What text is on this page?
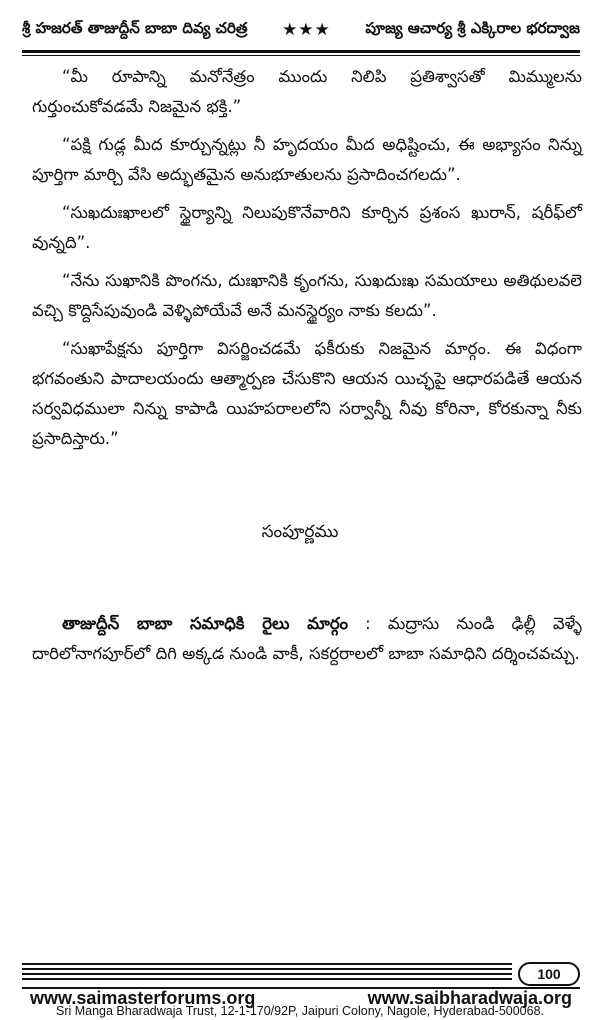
శ్రీ హజరత్ తాజుద్దీన్ బాబా దివ్య చరిత్ర ★★★ పూజ్య ఆచార్య శ్రీ ఎక్కిరాల భరద్వాజ

“మీ రూపాన్ని మనోనేత్రం ముందు నిలిపి ప్రతిశ్వాసతో మిమ్ములను గుర్తుంచుకోవడమే నిజమైన భక్తి.”

“పక్షి గుడ్ల మీద కూర్చున్నట్లు నీ హృదయం మీద అధిష్టించు, ఈ అభ్యాసం నిన్ను పూర్తిగా మార్చి వేసి అద్భుతమైన అనుభూతులను ప్రసాదించగలదు”.

“సుఖదుఃఖాలలో స్థైర్యాన్ని నిలుపుకొనేవారిని కూర్చిన ప్రశంస ఖురాన్, షరీఫ్‌లో వున్నది”.

“నేను సుఖానికి పొంగను, దుఃఖానికి కృంగను, సుఖదుఃఖ సమయాలు అతిథులవలె వచ్చి కొద్దిసేపువుండి వెళ్ళిపోయేవే అనే మనస్థైర్యం నాకు కలదు”.

“సుఖాపేక్షను పూర్తిగా విసర్జించడమే ఫకీరుకు నిజమైన మార్గం. ఈ విధంగా భగవంతుని పాదాలయందు ఆత్మార్పణ చేసుకొని ఆయన యిచ్ఛపై ఆధారపడితే ఆయన సర్వవిధములా నిన్ను కాపాడి యిహపరాలలోని సర్వాన్నీ నీవు కోరినా, కోరకున్నా నీకు ప్రసాదిస్తారు.”

సంపూర్ణము

తాజుద్దీన్ బాబా సమాధికి రైలు మార్గం : మద్రాసు నుండి ఢిల్లీ వెళ్ళే దారిలోనాగపూర్‌లో దిగి అక్కడ నుండి వాకీ, సకర్దరాలలో బాబా సమాధిని దర్శించవచ్చు.

100
www.saimasterforums.org	www.saibharadwaja.org
Sri Manga Bharadwaja Trust, 12-1-170/92P, Jaipuri Colony, Nagole, Hyderabad-500068.
